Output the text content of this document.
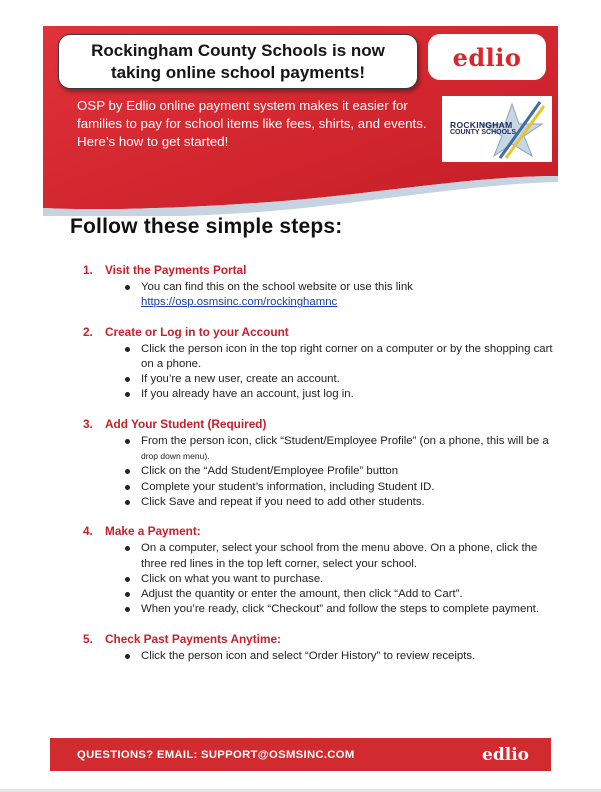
Rockingham County Schools is now taking online school payments!
edlio
OSP by Edlio online payment system makes it easier for families to pay for school items like fees, shirts, and events. Here’s how to get started!
ROCKINGHAM
COUNTY SCHOOLS
Follow these simple steps:
1.	Visit the Payments Portal
You can find this on the school website or use this link
https://osp.osmsinc.com/rockinghamnc
2.	Create or Log in to your Account
Click the person icon in the top right corner on a computer or by the shopping cart on a phone.
If you’re a new user, create an account.
If you already have an account, just log in.
3.	Add Your Student (Required)
From the person icon, click “Student/Employee Profile” (on a phone, this will be a drop down menu).
Click on the “Add Student/Employee Profile” button
Complete your student’s information, including Student ID.
Click Save and repeat if you need to add other students.
4.	Make a Payment:
On a computer, select your school from the menu above. On a phone, click the three red lines in the top left corner, select your school.
Click on what you want to purchase.
Adjust the quantity or enter the amount, then click “Add to Cart”.
When you’re ready, click “Checkout” and follow the steps to complete payment.
5.	Check Past Payments Anytime:
Click the person icon and select “Order History” to review receipts.
QUESTIONS? EMAIL: SUPPORT@OSMSINC.COM	edlio
